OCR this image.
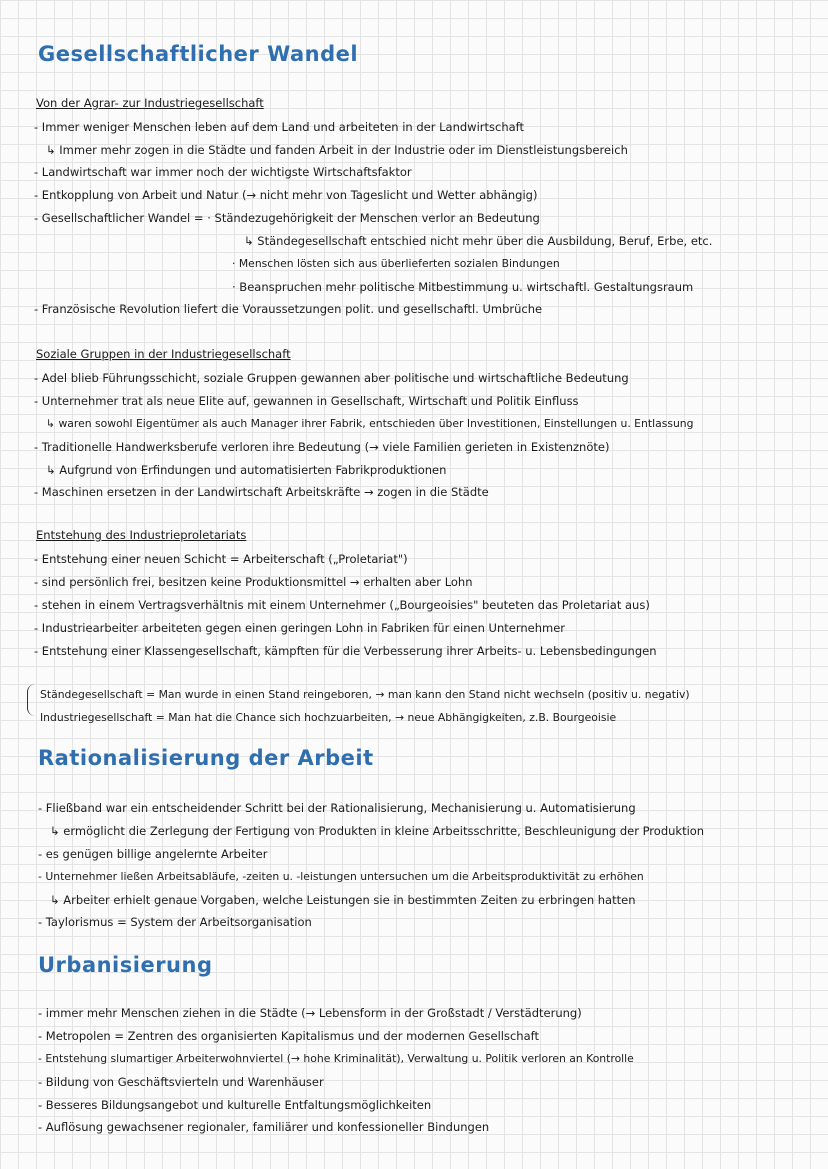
Gesellschaftlicher Wandel
Von der Agrar- zur Industriegesellschaft
- Immer weniger Menschen leben auf dem Land und arbeiteten in der Landwirtschaft
↳ Immer mehr zogen in die Städte und fanden Arbeit in der Industrie oder im Dienstleistungsbereich
- Landwirtschaft war immer noch der wichtigste Wirtschaftsfaktor
- Entkopplung von Arbeit und Natur (→ nicht mehr von Tageslicht und Wetter abhängig)
- Gesellschaftlicher Wandel = · Ständezugehörigkeit der Menschen verlor an Bedeutung
↳ Ständegesellschaft entschied nicht mehr über die Ausbildung, Beruf, Erbe, etc.
· Menschen lösten sich aus überlieferten sozialen Bindungen
· Beanspruchen mehr politische Mitbestimmung u. wirtschaftl. Gestaltungsraum
- Französische Revolution liefert die Voraussetzungen polit. und gesellschaftl. Umbrüche
Soziale Gruppen in der Industriegesellschaft
- Adel blieb Führungsschicht, soziale Gruppen gewannen aber politische und wirtschaftliche Bedeutung
- Unternehmer trat als neue Elite auf, gewannen in Gesellschaft, Wirtschaft und Politik Einfluss
↳ waren sowohl Eigentümer als auch Manager ihrer Fabrik, entschieden über Investitionen, Einstellungen u. Entlassung
- Traditionelle Handwerksberufe verloren ihre Bedeutung (→ viele Familien gerieten in Existenznöte)
↳ Aufgrund von Erfindungen und automatisierten Fabrikproduktionen
- Maschinen ersetzen in der Landwirtschaft Arbeitskräfte → zogen in die Städte
Entstehung des Industrieproletariats
- Entstehung einer neuen Schicht = Arbeiterschaft („Proletariat")
- sind persönlich frei, besitzen keine Produktionsmittel → erhalten aber Lohn
- stehen in einem Vertragsverhältnis mit einem Unternehmer („Bourgeoisies" beuteten das Proletariat aus)
- Industriearbeiter arbeiteten gegen einen geringen Lohn in Fabriken für einen Unternehmer
- Entstehung einer Klassengesellschaft, kämpften für die Verbesserung ihrer Arbeits- u. Lebensbedingungen
Ständegesellschaft = Man wurde in einen Stand reingeboren, → man kann den Stand nicht wechseln (positiv u. negativ)
Industriegesellschaft = Man hat die Chance sich hochzuarbeiten, → neue Abhängigkeiten, z.B. Bourgeoisie
Rationalisierung der Arbeit
- Fließband war ein entscheidender Schritt bei der Rationalisierung, Mechanisierung u. Automatisierung
↳ ermöglicht die Zerlegung der Fertigung von Produkten in kleine Arbeitsschritte, Beschleunigung der Produktion
- es genügen billige angelernte Arbeiter
- Unternehmer ließen Arbeitsabläufe, -zeiten u. -leistungen untersuchen um die Arbeitsproduktivität zu erhöhen
↳ Arbeiter erhielt genaue Vorgaben, welche Leistungen sie in bestimmten Zeiten zu erbringen hatten
- Taylorismus = System der Arbeitsorganisation
Urbanisierung
- immer mehr Menschen ziehen in die Städte (→ Lebensform in der Großstadt / Verstädterung)
- Metropolen = Zentren des organisierten Kapitalismus und der modernen Gesellschaft
- Entstehung slumartiger Arbeiterwohnviertel (→ hohe Kriminalität), Verwaltung u. Politik verloren an Kontrolle
- Bildung von Geschäftsvierteln und Warenhäuser
- Besseres Bildungsangebot und kulturelle Entfaltungsmöglichkeiten
- Auflösung gewachsener regionaler, familiärer und konfessioneller Bindungen
